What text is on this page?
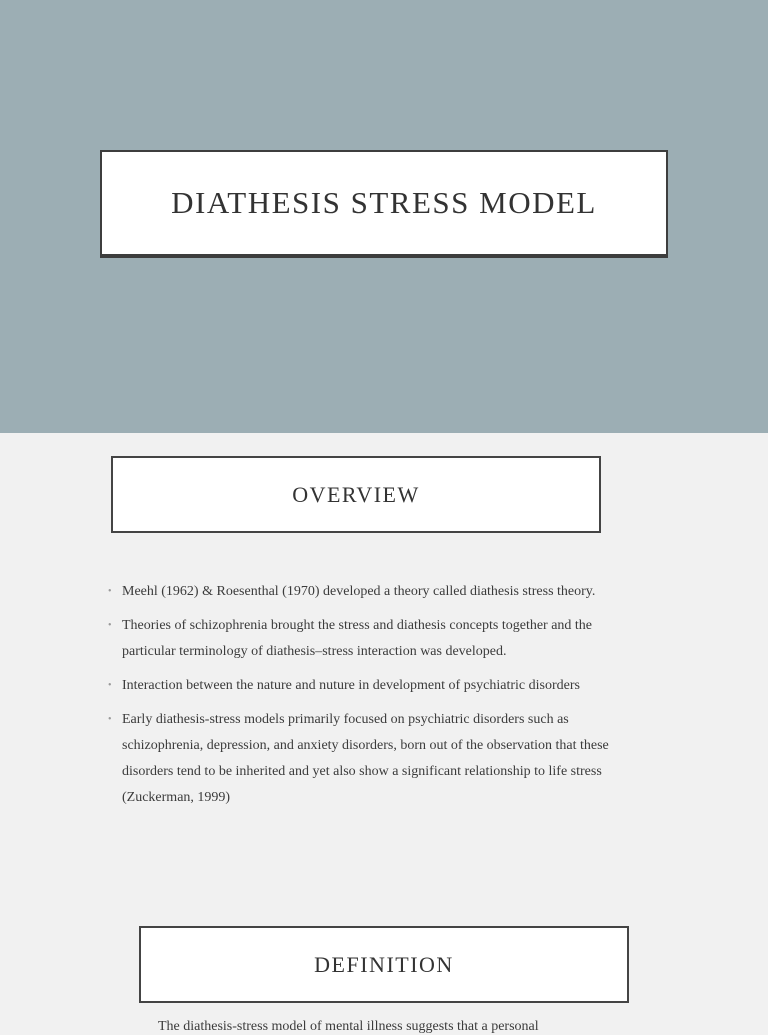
DIATHESIS STRESS MODEL
OVERVIEW
• Meehl (1962) & Roesenthal (1970) developed a theory called diathesis stress theory.
• Theories of schizophrenia brought the stress and diathesis concepts together and the particular terminology of diathesis–stress interaction was developed.
• Interaction between the nature and nuture in development of psychiatric disorders
• Early diathesis-stress models primarily focused on psychiatric disorders such as schizophrenia, depression, and anxiety disorders, born out of the observation that these disorders tend to be inherited and yet also show a significant relationship to life stress (Zuckerman, 1999)
DEFINITION
The diathesis-stress model of mental illness suggests that a personal
